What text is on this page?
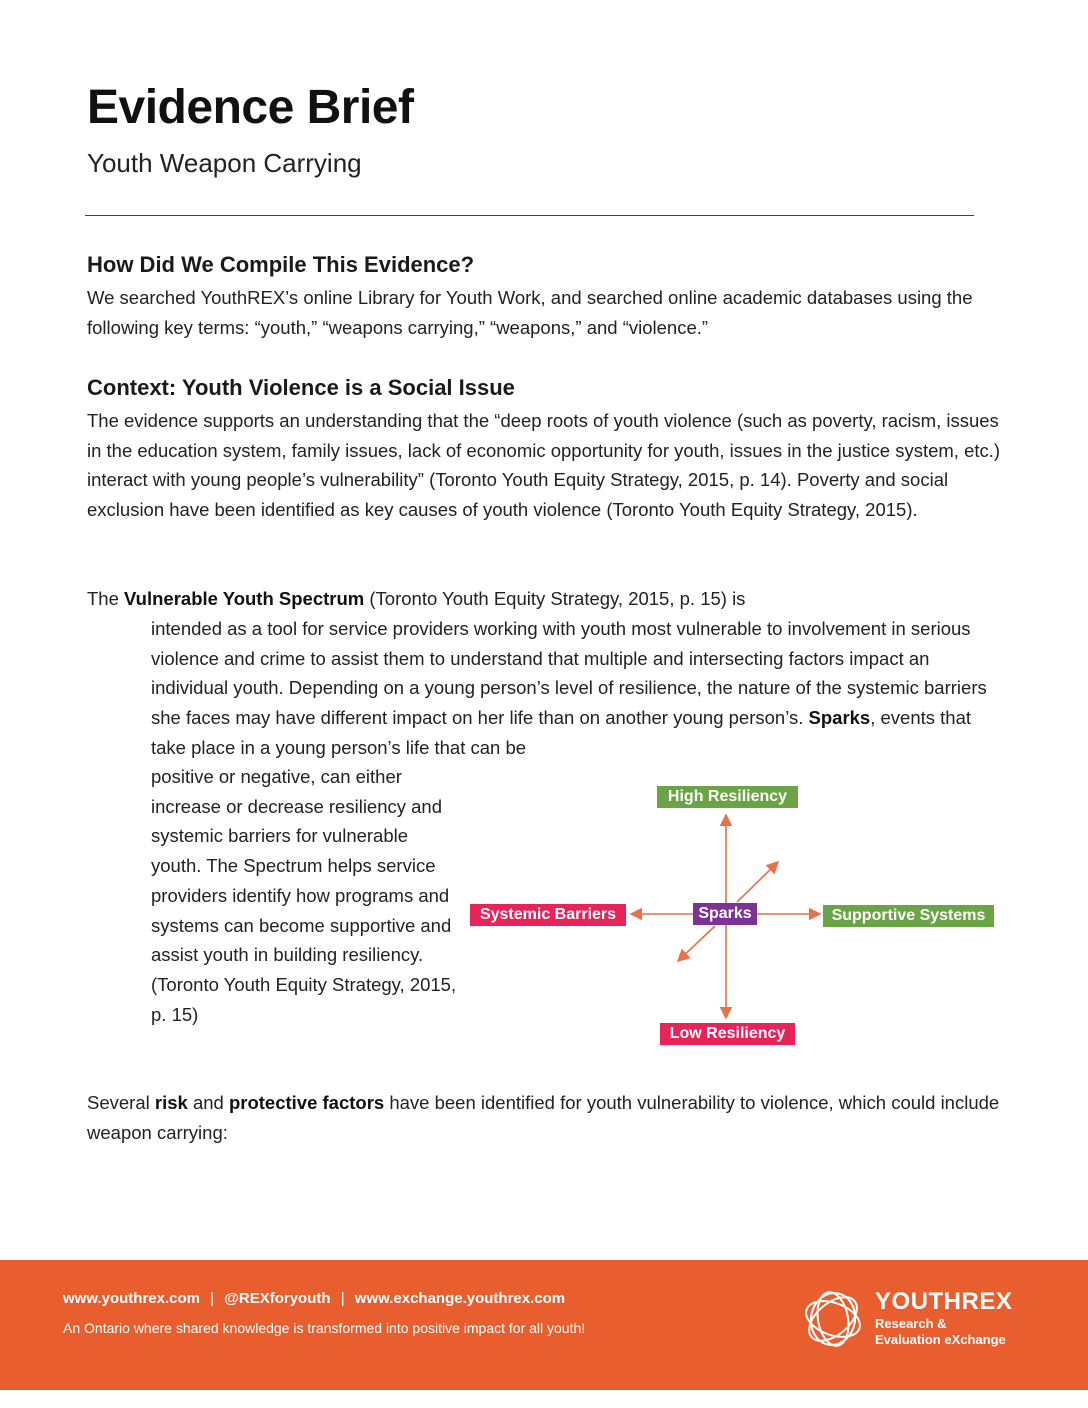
Evidence Brief
Youth Weapon Carrying
How Did We Compile This Evidence?

We searched YouthREX’s online Library for Youth Work, and searched online academic databases using the following key terms: “youth,” “weapons carrying,” “weapons,” and “violence.”

Context: Youth Violence is a Social Issue

The evidence supports an understanding that the “deep roots of youth violence (such as poverty, racism, issues in the education system, family issues, lack of economic opportunity for youth, issues in the justice system, etc.) interact with young people’s vulnerability” (Toronto Youth Equity Strategy, 2015, p. 14). Poverty and social exclusion have been identified as key causes of youth violence (Toronto Youth Equity Strategy, 2015).

The Vulnerable Youth Spectrum (Toronto Youth Equity Strategy, 2015, p. 15) is

intended as a tool for service providers working with youth most vulnerable to involvement in serious violence and crime to assist them to understand that multiple and intersecting factors impact an individual youth. Depending on a young person’s level of resilience, the nature of the systemic barriers she faces may have different impact on her life than on another young person’s. Sparks, events that take place in a young person’s life that can be

positive or negative, can either increase or decrease resiliency and systemic barriers for vulnerable youth. The Spectrum helps service providers identify how programs and systems can become supportive and assist youth in building resiliency. (Toronto Youth Equity Strategy, 2015, p. 15)

High Resiliency
Systemic Barriers	Sparks	Supportive Systems
Low Resiliency

Several risk and protective factors have been identified for youth vulnerability to violence, which could include weapon carrying:

www.youthrex.com | @REXforyouth | www.exchange.youthrex.com
An Ontario where shared knowledge is transformed into positive impact for all youth!
YOUTHREX
Research &
Evaluation eXchange
